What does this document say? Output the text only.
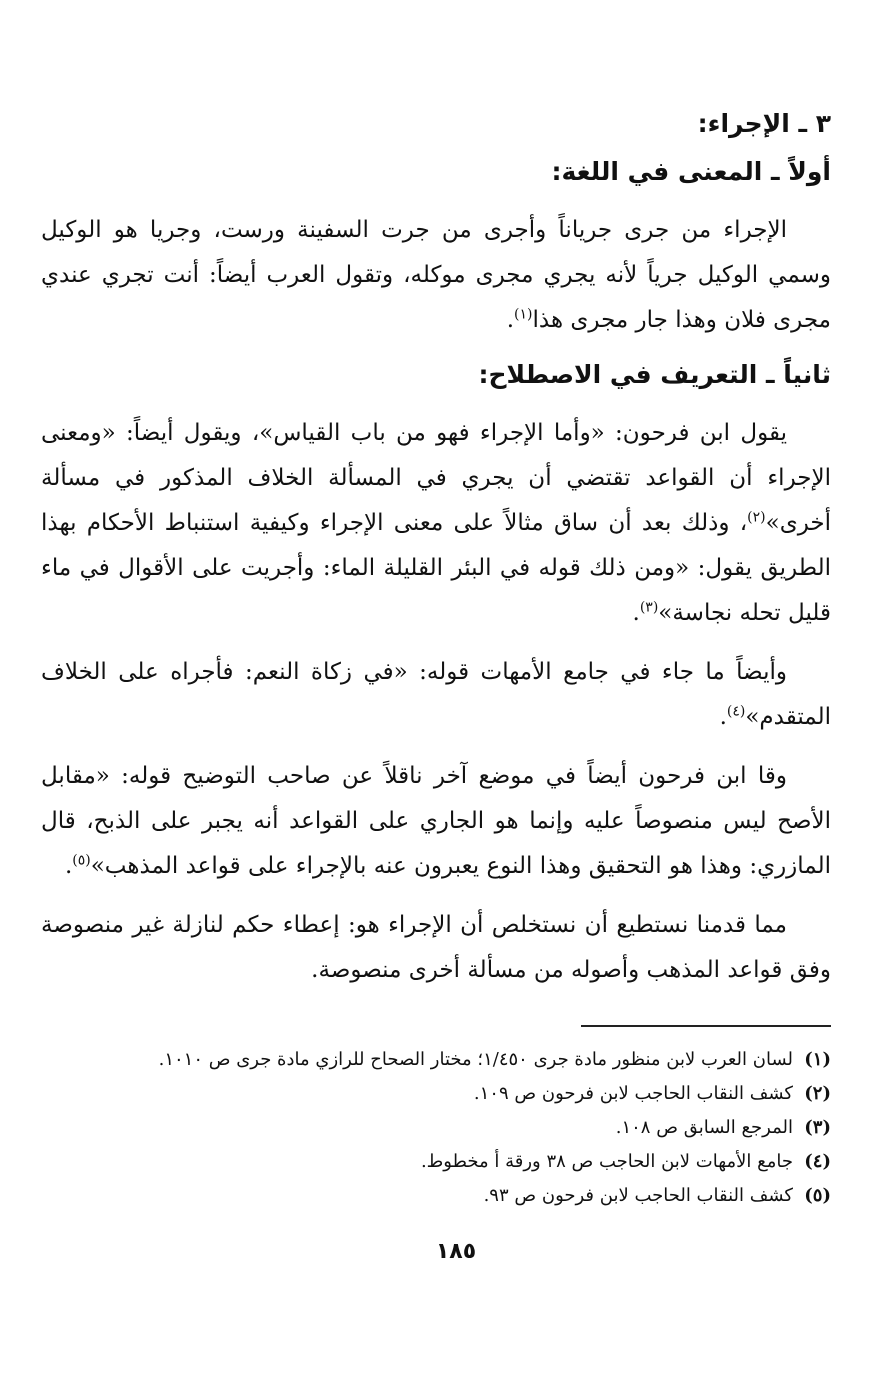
٣ ـ الإجراء:
أولاً ـ المعنى في اللغة:

الإجراء من جرى جرياناً وأجرى من جرت السفينة ورست، وجريا هو الوكيل وسمي الوكيل جرياً لأنه يجري مجرى موكله، وتقول العرب أيضاً: أنت تجري عندي مجرى فلان وهذا جار مجرى هذا$^{(١)}$.

ثانياً ـ التعريف في الاصطلاح:

يقول ابن فرحون: «وأما الإجراء فهو من باب القياس»، ويقول أيضاً: «ومعنى الإجراء أن القواعد تقتضي أن يجري في المسألة الخلاف المذكور في مسألة أخرى»$^{(٢)}$، وذلك بعد أن ساق مثالاً على معنى الإجراء وكيفية استنباط الأحكام بهذا الطريق يقول: «ومن ذلك قوله في البئر القليلة الماء: وأجريت على الأقوال في ماء قليل تحله نجاسة»$^{(٣)}$.

وأيضاً ما جاء في جامع الأمهات قوله: «في زكاة النعم: فأجراه على الخلاف المتقدم»$^{(٤)}$.

وقا ابن فرحون أيضاً في موضع آخر ناقلاً عن صاحب التوضيح قوله: «مقابل الأصح ليس منصوصاً عليه وإنما هو الجاري على القواعد أنه يجبر على الذبح، قال المازري: وهذا هو التحقيق وهذا النوع يعبرون عنه بالإجراء على قواعد المذهب»$^{(٥)}$.

مما قدمنا نستطيع أن نستخلص أن الإجراء هو: إعطاء حكم لنازلة غير منصوصة وفق قواعد المذهب وأصوله من مسألة أخرى منصوصة.

(١)
لسان العرب لابن منظور مادة جرى ١/٤٥٠؛ مختار الصحاح للرازي مادة جرى ص ١٠١٠.
(٢)
كشف النقاب الحاجب لابن فرحون ص ١٠٩.
(٣)
المرجع السابق ص ١٠٨.
(٤)
جامع الأمهات لابن الحاجب ص ٣٨ ورقة أ مخطوط.
(٥)
كشف النقاب الحاجب لابن فرحون ص ٩٣.
١٨٥
